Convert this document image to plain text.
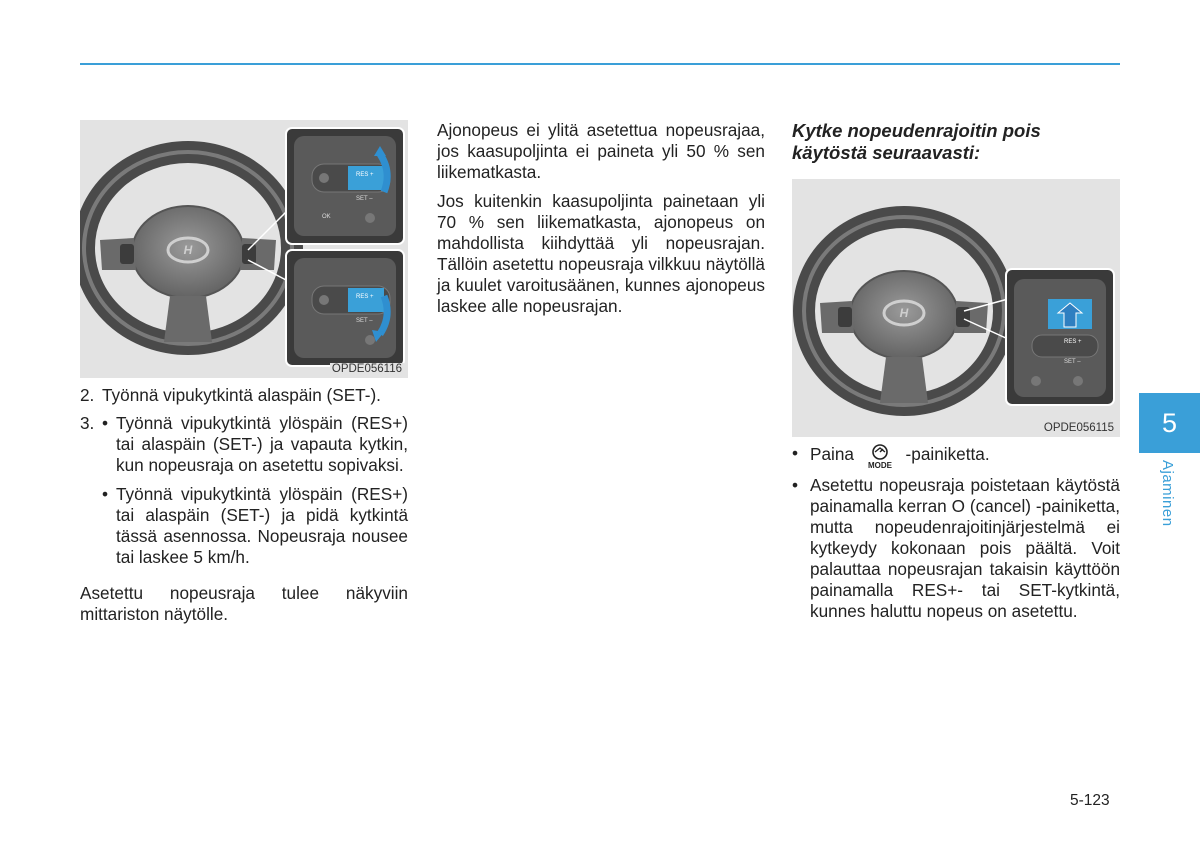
H
RES +
SET –
OK
RES +
SET –
OPDE056116
2. Työnnä vipukytkintä alaspäin (SET-).
3. • Työnnä vipukytkintä ylöspäin (RES+) tai alaspäin (SET-) ja vapauta kytkin, kun nopeusraja on asetettu sopivaksi.
• Työnnä vipukytkintä ylöspäin (RES+) tai alaspäin (SET-) ja pidä kytkintä tässä asennossa. Nopeusraja nousee tai laskee 5 km/h.

Asetettu nopeusraja tulee näkyviin mittariston näytölle.

Ajonopeus ei ylitä asetettua nopeusrajaa, jos kaasupoljinta ei paineta yli 50 % sen liikematkasta.

Jos kuitenkin kaasupoljinta painetaan yli 70 % sen liikematkasta, ajonopeus on mahdollista kiihdyttää yli nopeusrajan. Tällöin asetettu nopeusraja vilkkuu näytöllä ja kuulet varoitusäänen, kunnes ajonopeus laskee alle nopeusrajan.

Kytke nopeudenrajoitin pois käytöstä seuraavasti:
H
RES +
SET –
OPDE056115
• Paina
MODE
-painiketta.
• Asetettu nopeusraja poistetaan käytöstä painamalla kerran O (cancel) -painiketta, mutta nopeudenrajoitinjärjestelmä ei kytkeydy kokonaan pois päältä. Voit palauttaa nopeusrajan takaisin käyttöön painamalla RES+- tai SET-kytkintä, kunnes haluttu nopeus on asetettu.
5
Ajaminen
5-123
